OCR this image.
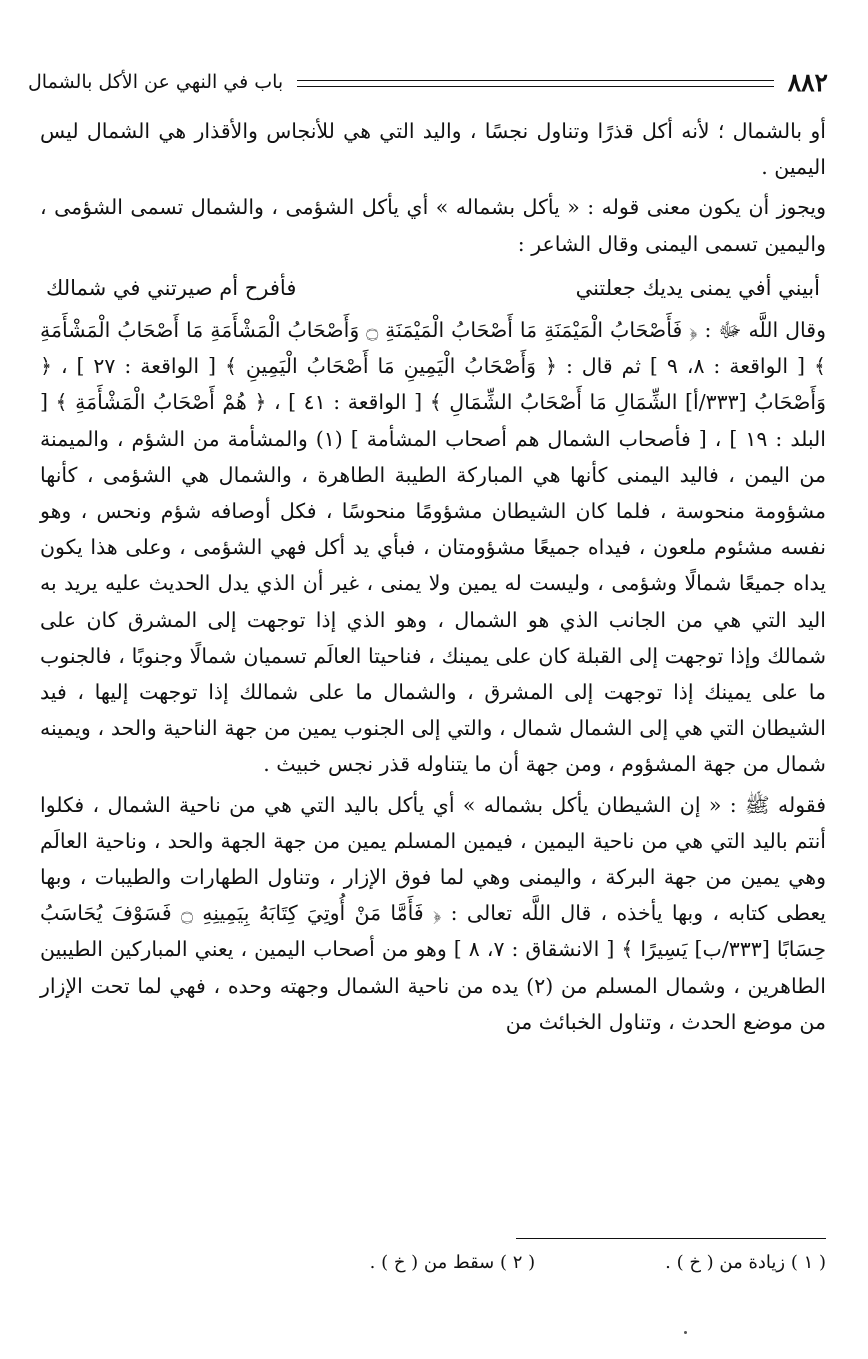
٨٨٢
باب في النهي عن الأكل بالشمال

أو بالشمال ؛ لأنه أكل قذرًا وتناول نجسًا ، واليد التي هي للأنجاس والأقذار هي الشمال ليس اليمين .

ويجوز أن يكون معنى قوله : « يأكل بشماله » أي يأكل الشؤمى ، والشمال تسمى الشؤمى ، واليمين تسمى اليمنى وقال الشاعر :

أبيني أفي يمنى يديك جعلتني
فأفرح أم صيرتني في شمالك

وقال اللَّه ﷻ : ﴿ فَأَصْحَابُ الْمَيْمَنَةِ مَا أَصْحَابُ الْمَيْمَنَةِ ۝ وَأَصْحَابُ الْمَشْأَمَةِ مَا أَصْحَابُ الْمَشْأَمَةِ ﴾ [ الواقعة : ٨، ٩ ] ثم قال : ﴿ وَأَصْحَابُ الْيَمِينِ مَا أَصْحَابُ الْيَمِينِ ﴾ [ الواقعة : ٢٧ ] ، ﴿ وَأَصْحَابُ [٣٣٣/أ] الشِّمَالِ مَا أَصْحَابُ الشِّمَالِ ﴾ [ الواقعة : ٤١ ] ، ﴿ هُمْ أَصْحَابُ الْمَشْأَمَةِ ﴾ [ البلد : ١٩ ] ، [ فأصحاب الشمال هم أصحاب المشأمة ] (١) والمشأمة من الشؤم ، والميمنة من اليمن ، فاليد اليمنى كأنها هي المباركة الطيبة الطاهرة ، والشمال هي الشؤمى ، كأنها مشؤومة منحوسة ، فلما كان الشيطان مشؤومًا منحوسًا ، فكل أوصافه شؤم ونحس ، وهو نفسه مشئوم ملعون ، فيداه جميعًا مشؤومتان ، فبأي يد أكل فهي الشؤمى ، وعلى هذا يكون يداه جميعًا شمالًا وشؤمى ، وليست له يمين ولا يمنى ، غير أن الذي يدل الحديث عليه يريد به اليد التي هي من الجانب الذي هو الشمال ، وهو الذي إذا توجهت إلى المشرق كان على شمالك وإذا توجهت إلى القبلة كان على يمينك ، فناحيتا العالَم تسميان شمالًا وجنوبًا ، فالجنوب ما على يمينك إذا توجهت إلى المشرق ، والشمال ما على شمالك إذا توجهت إليها ، فيد الشيطان التي هي إلى الشمال شمال ، والتي إلى الجنوب يمين من جهة الناحية والحد ، ويمينه شمال من جهة المشؤوم ، ومن جهة أن ما يتناوله قذر نجس خبيث .

فقوله ﷺ : « إن الشيطان يأكل بشماله » أي يأكل باليد التي هي من ناحية الشمال ، فكلوا أنتم باليد التي هي من ناحية اليمين ، فيمين المسلم يمين من جهة الجهة والحد ، وناحية العالَم وهي يمين من جهة البركة ، واليمنى وهي لما فوق الإزار ، وتناول الطهارات والطيبات ، وبها يعطى كتابه ، وبها يأخذه ، قال اللَّه تعالى : ﴿ فَأَمَّا مَنْ أُوتِيَ كِتَابَهُ بِيَمِينِهِ ۝ فَسَوْفَ يُحَاسَبُ حِسَابًا [٣٣٣/ب] يَسِيرًا ﴾ [ الانشقاق : ٧، ٨ ] وهو من أصحاب اليمين ، يعني المباركين الطيبين الطاهرين ، وشمال المسلم من (٢) يده من ناحية الشمال وجهته وحده ، فهي لما تحت الإزار من موضع الحدث ، وتناول الخبائث من

( ١ ) زيادة من ( خ ) .
( ٢ ) سقط من ( خ ) .
